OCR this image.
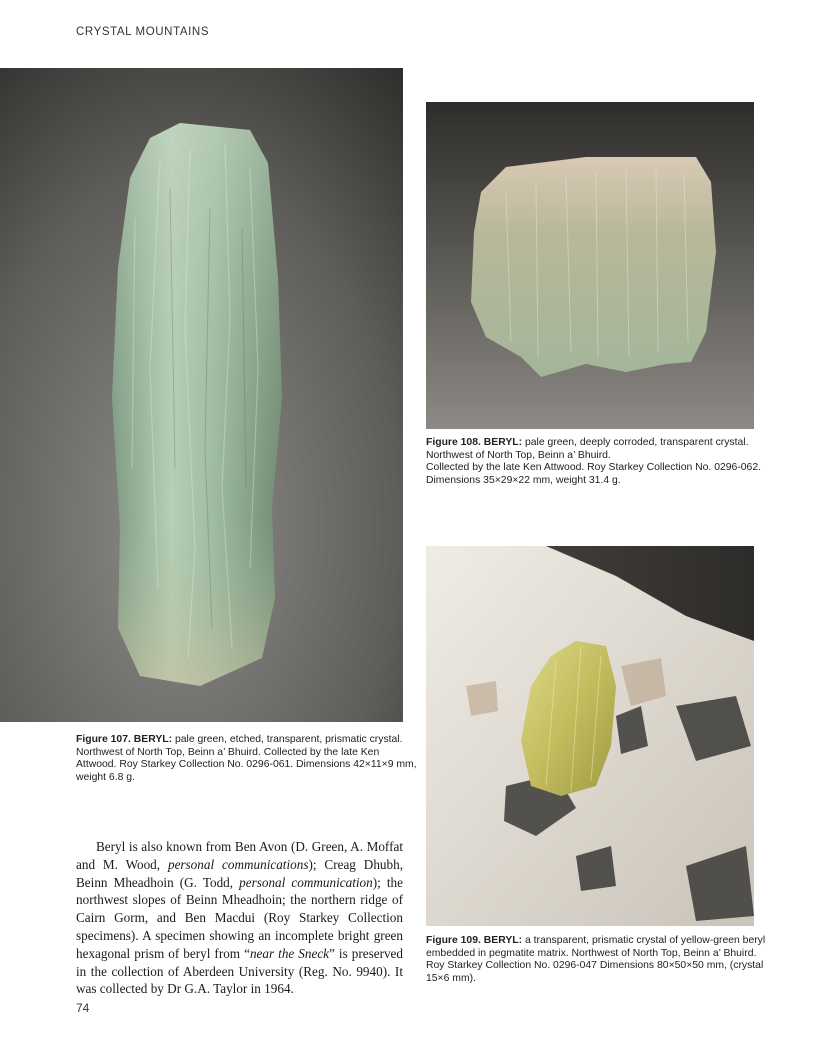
CRYSTAL MOUNTAINS
Figure 107. BERYL: pale green, etched, transparent, prismatic crystal.
Northwest of North Top, Beinn a’ Bhuird. Collected by the late Ken
Attwood. Roy Starkey Collection No. 0296-061. Dimensions 42×11×9 mm,
weight 6.8 g.
Figure 108. BERYL: pale green, deeply corroded, transparent crystal.
Northwest of North Top, Beinn a’ Bhuird.
Collected by the late Ken Attwood. Roy Starkey Collection No. 0296-062.
Dimensions 35×29×22 mm, weight 31.4 g.
Figure 109. BERYL: a transparent, prismatic crystal of yellow-green beryl
embedded in pegmatite matrix. Northwest of North Top, Beinn a’ Bhuird.
Roy Starkey Collection No. 0296-047 Dimensions 80×50×50 mm, (crystal
15×6 mm).
Beryl is also known from Ben Avon (D. Green, A. Moffat and M. Wood, personal communications); Creag Dhubh, Beinn Mheadhoin (G. Todd, personal communication); the northwest slopes of Beinn Mheadhoin; the northern ridge of Cairn Gorm, and Ben Macdui (Roy Starkey Collection specimens). A specimen showing an incomplete bright green hexagonal prism of beryl from “near the Sneck” is preserved in the collection of Aberdeen University (Reg. No. 9940). It was collected by Dr G.A. Taylor in 1964.
74
